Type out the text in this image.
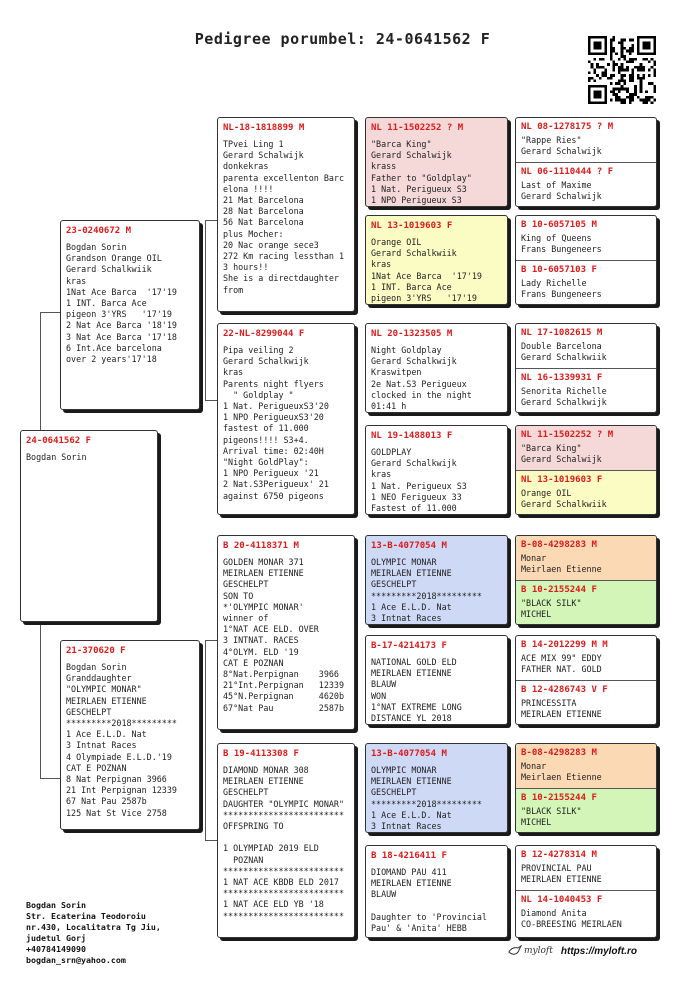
Pedigree porumbel: 24-0641562 F
24-0641562 F
Bogdan Sorin
23-0240672 M
Bogdan Sorin
Grandson Orange OIL
Gerard Schalkwiik
kras
1Nat Ace Barca  '17'19
1 INT. Barca Ace
pigeon 3'YRS   '17'19
2 Nat Ace Barca '18'19
3 Nat Ace Barca '17'18
6 Int.Ace barcelona
over 2 years'17'18
21-370620 F
Bogdan Sorin
Granddaughter
"OLYMPIC MONAR"
MEIRLAEN ETIENNE
GESCHELPT
*********2018*********
1 Ace E.L.D. Nat
3 Intnat Races
4 Olympiade E.L.D.'19
CAT E POZNAN
8 Nat Perpignan 3966
21 Int Perpignan 12339
67 Nat Pau 2587b
125 Nat St Vice 2758
NL-18-1818899 M
TPvei Ling 1
Gerard Schalwijk
donkekras
parenta excellenton Barcelona !!!!
21 Mat Barcelona
28 Nat Barcelona
56 Nat Barcelona
plus Mocher:
20 Nac orange sece3
272 Km racing lessthan 13 hours!!
She is a directdaughter from
22-NL-8299044 F
Pipa veiling 2
Gerard Schalkwijk
kras
Parents night flyers
" Goldplay "
1 Nat. PerigueuxS3'20
1 NPO PerigueuxS3'20
fastest of 11.000
pigeons!!!! S3+4.
Arrival time: 02:40H
"Night GoldPlay":
1 NPO Perigueux '21
2 Nat.S3Perigueux' 21
against 6750 pigeons
B 20-4118371 M
GOLDEN MONAR 371
MEIRLAEN ETIENNE
GESCHELPT
SON TO
*'OLYMPIC MONAR'
winner of
1°NAT ACE ELD. OVER
3 INTNAT. RACES
4°OLYM. ELD '19
CAT E POZNAN
8°Nat.Perpignan    3966
21°Int.Perpignan   12339
45°N.Perpignan     4620b
67°Nat Pau         2587b
B 19-4113308 F
DIAMOND MONAR 308
MEIRLAEN ETIENNE
GESCHELPT
DAUGHTER "OLYMPIC MONAR"
************************
OFFSPRING TO

1 OLYMPIAD 2019 ELD
POZNAN
************************
1 NAT ACE KBDB ELD 2017
************************
1 NAT ACE ELD YB '18
************************
NL 11-1502252 ? M
"Barca King"
Gerard Schalwijk
krass
Father to "Goldplay"
1 Nat. Perigueux S3
1 NPO Perigueux S3
NL 13-1019603 F
Orange OIL
Gerard Schalkwiik
kras
1Nat Ace Barca  '17'19
1 INT. Barca Ace
pigeon 3'YRS   '17'19
NL 20-1323505 M
Night Goldplay
Gerard Schalkwijk
Kraswitpen
2e Nat.S3 Perigueux
clocked in the night
01:41 h
NL 19-1488013 F
GOLDPLAY
Gerard Schalkwijk
kras
1 Nat. Perigueux S3
1 NEO Ferigueux 33
Fastest of 11.000
13-B-4077054 M
OLYMPIC MONAR
MEIRLAEN ETIENNE
GESCHELPT
*********2018*********
1 Ace E.L.D. Nat
3 Intnat Races
B-17-4214173 F
NATIONAL GOLD ELD
MEIRLAEN ETIENNE
BLAUW
WON
1°NAT EXTREME LONG
DISTANCE YL 2018
13-B-4077054 M
OLYMPIC MONAR
MEIRLAEN ETIENNE
GESCHELPT
*********2018*********
1 Ace E.L.D. Nat
3 Intnat Races
B 18-4216411 F
DIOMAND PAU 411
MEIRLAEN ETIENNE
BLAUW

Daughter to 'Provincial
Pau' & 'Anita' HEBB
NL 08-1278175 ? M
"Rappe Ries"
Gerard Schalwijk
NL 06-1110444 ? F
Last of Maxime
Gerard Schalwijk
B 10-6057105 M
King of Queens
Frans Bungeneers
B 10-6057103 F
Lady Richelle
Frans Bungeneers
NL 17-1082615 M
Double Barcelona
Gerard Schalkwiik
NL 16-1339931 F
Senorita Richelle
Gerard Schalkwijk
NL 11-1502252 ? M
"Barca King"
Gerard Schalwijk
NL 13-1019603 F
Orange OIL
Gerard Schalkwiik
B-08-4298283 M
Monar
Meirlaen Etienne
B 10-2155244 F
"BLACK SILK"
MICHEL
B 14-2012299 M M
ACE MIX 99" EDDY
FATHER NAT. GOLD
B 12-4286743 V F
PRINCESSITA
MEIRLAEN ETIENNE
B-08-4298283 M
Monar
Meirlaen Etienne
B 10-2155244 F
"BLACK SILK"
MICHEL
B 12-4278314 M
PROVINCIAL PAU
MEIRLAEN ETIENNE
NL 14-1040453 F
Diamond Anita
CO-BREESING MEIRLAEN
Bogdan Sorin
Str. Ecaterina Teodoroiu
nr.430, Localitatra Tg Jiu,
judetul Gorj
+40784149090
bogdan_srn@yahoo.com
myloft https://myloft.ro
